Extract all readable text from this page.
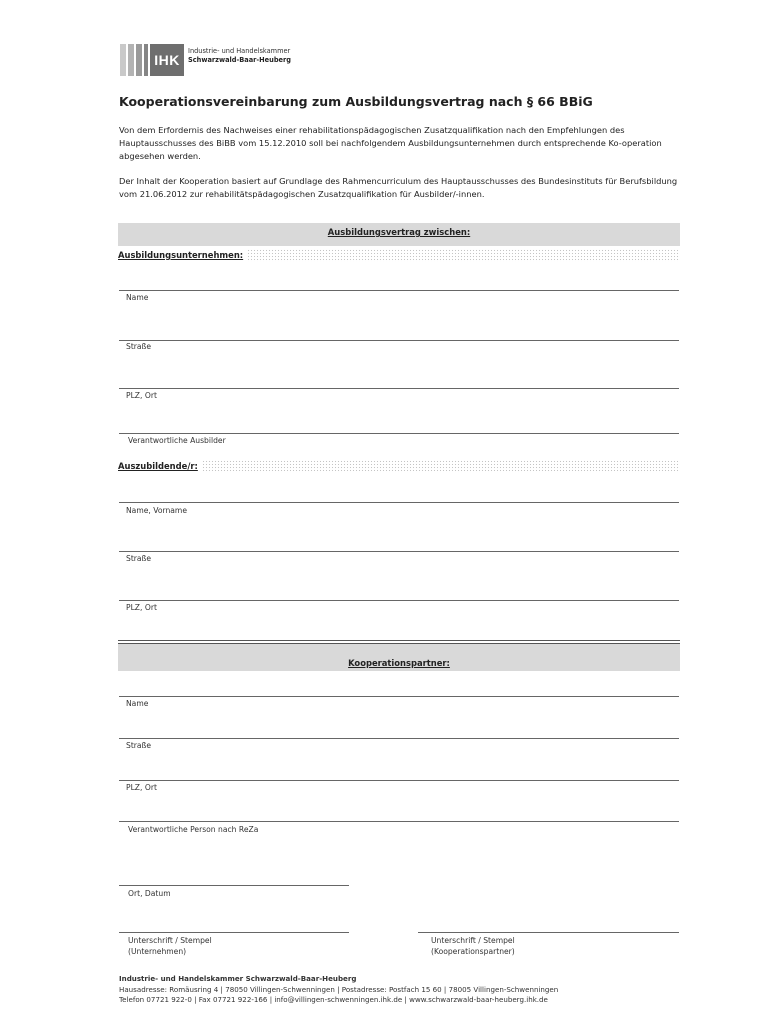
IHK
Industrie- und Handelskammer
Schwarzwald-Baar-Heuberg
Kooperationsvereinbarung zum Ausbildungsvertrag nach § 66 BBiG
Von dem Erfordernis des Nachweises einer rehabilitationspädagogischen Zusatzqualifikation nach den Empfehlungen des Hauptausschusses des BiBB vom 15.12.2010 soll bei nachfolgendem Ausbildungsunternehmen durch entsprechende Ko-operation abgesehen werden.
Der Inhalt der Kooperation basiert auf Grundlage des Rahmencurriculum des Hauptausschusses des Bundesinstituts für Berufsbildung vom 21.06.2012 zur rehabilitätspädagogischen Zusatzqualifikation für Ausbilder/-innen.
Ausbildungsvertrag zwischen:
Ausbildungsunternehmen:
Name
Straße
PLZ, Ort
Verantwortliche Ausbilder
Auszubildende/r:
Name, Vorname
Straße
PLZ, Ort
Kooperationspartner:
Name
Straße
PLZ, Ort
Verantwortliche Person nach ReZa
Ort, Datum
Unterschrift / Stempel
(Unternehmen)
Unterschrift / Stempel
(Kooperationspartner)
Industrie- und Handelskammer Schwarzwald-Baar-Heuberg
Hausadresse: Romäusring 4 | 78050 Villingen-Schwenningen | Postadresse: Postfach 15 60 | 78005 Villingen-Schwenningen
Telefon 07721 922-0 | Fax 07721 922-166 | info@villingen-schwenningen.ihk.de | www.schwarzwald-baar-heuberg.ihk.de
